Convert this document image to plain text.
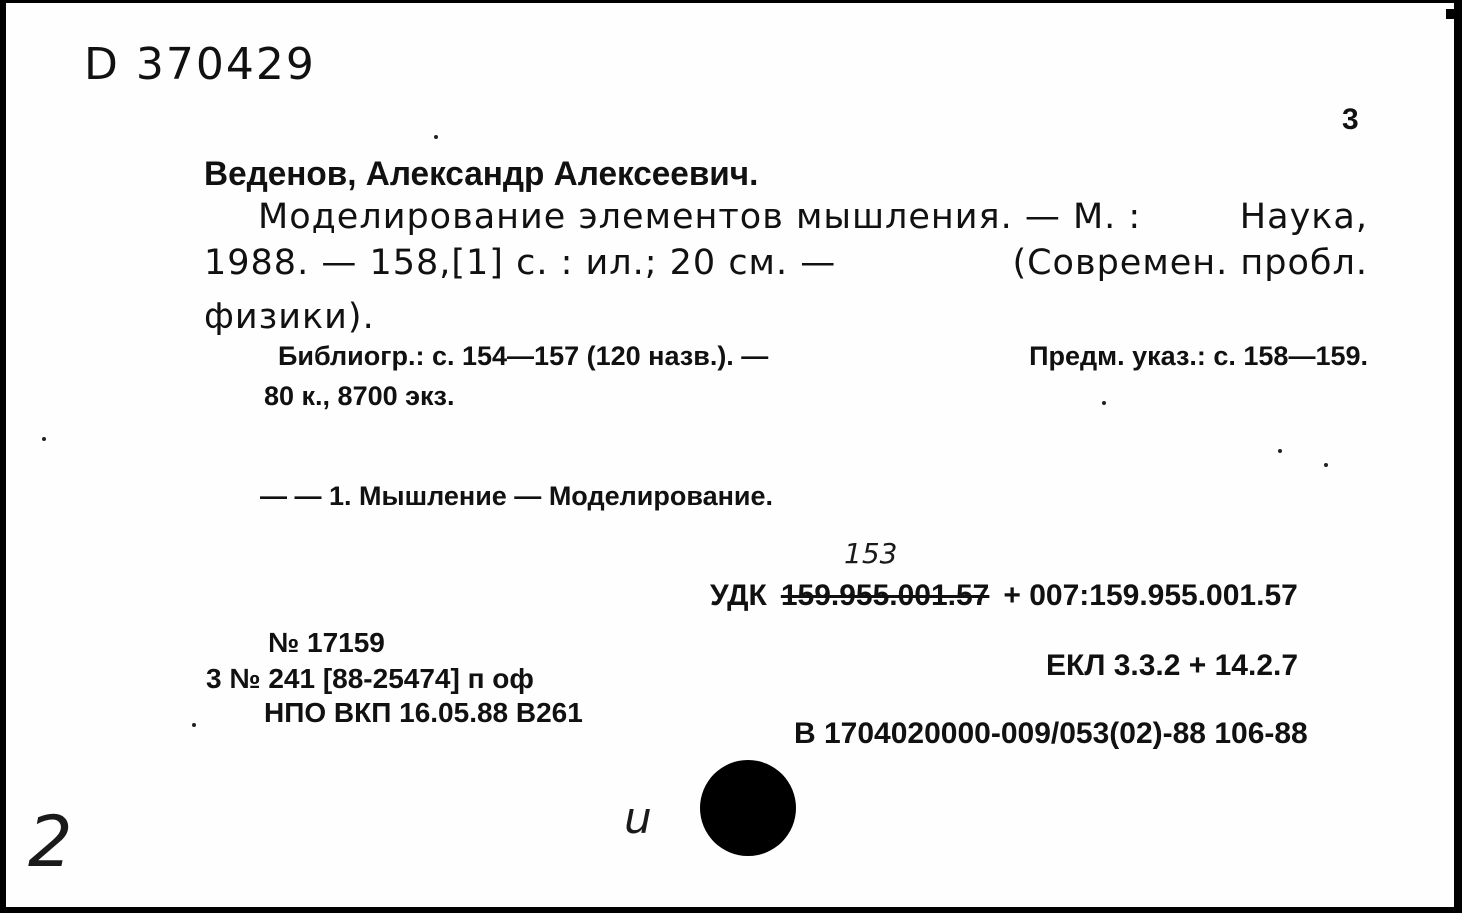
D 370429
3
Веденов, Александр Алексеевич.
Моделирование элементов мышления. — М. :	Наука,
1988. — 158,[1] с. : ил.; 20 см. —	(Современ. пробл.
физики).
Библиогр.: с. 154—157 (120 назв.). —	Предм. указ.: с. 158—159.
80 к., 8700 экз.
— — 1. Мышление — Моделирование.
153
УДК 159.955.001.57 + 007:159.955.001.57
№ 17159
3 № 241 [88-25474] п оф
НПО ВКП 16.05.88 В261
ЕКЛ 3.3.2 + 14.2.7
В 1704020000-009/053(02)-88 106-88
2	u
